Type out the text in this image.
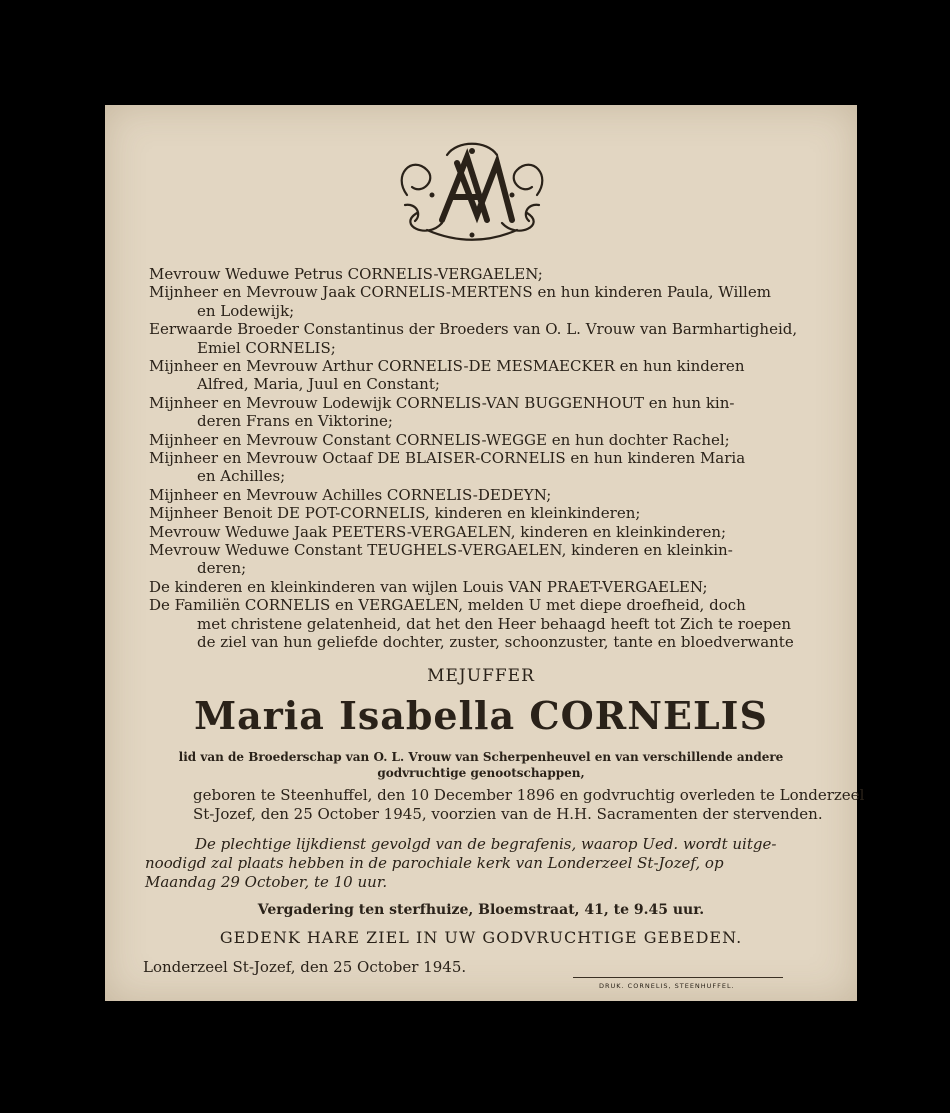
Mevrouw Weduwe Petrus CORNELIS-VERGAELEN;

Mijnheer en Mevrouw Jaak CORNELIS-MERTENS en hun kinderen Paula, Willem

en Lodewijk;

Eerwaarde Broeder Constantinus der Broeders van O. L. Vrouw van Barmhartigheid,

Emiel CORNELIS;

Mijnheer en Mevrouw Arthur CORNELIS-DE MESMAECKER en hun kinderen

Alfred, Maria, Juul en Constant;

Mijnheer en Mevrouw Lodewijk CORNELIS-VAN BUGGENHOUT en hun kin-

deren Frans en Viktorine;

Mijnheer en Mevrouw Constant CORNELIS-WEGGE en hun dochter Rachel;

Mijnheer en Mevrouw Octaaf DE BLAISER-CORNELIS en hun kinderen Maria

en Achilles;

Mijnheer en Mevrouw Achilles CORNELIS-DEDEYN;

Mijnheer Benoit DE POT-CORNELIS, kinderen en kleinkinderen;

Mevrouw Weduwe Jaak PEETERS-VERGAELEN, kinderen en kleinkinderen;

Mevrouw Weduwe Constant TEUGHELS-VERGAELEN, kinderen en kleinkin-

deren;

De kinderen en kleinkinderen van wijlen Louis VAN PRAET-VERGAELEN;

De Familiën CORNELIS en VERGAELEN, melden U met diepe droefheid, doch

met christene gelatenheid, dat het den Heer behaagd heeft tot Zich te roepen

de ziel van hun geliefde dochter, zuster, schoonzuster, tante en bloedverwante

MEJUFFER

Maria Isabella CORNELIS

lid van de Broederschap van O. L. Vrouw van Scherpenheuvel en van verschillende andere

godvruchtige genootschappen,

geboren te Steenhuffel, den 10 December 1896 en godvruchtig overleden te Londerzeel

St-Jozef, den 25 October 1945, voorzien van de H.H. Sacramenten der stervenden.

De plechtige lijkdienst gevolgd van de begrafenis, waarop Ued. wordt uitge-

noodigd zal plaats hebben in de parochiale kerk van Londerzeel St-Jozef, op

Maandag 29 October, te 10 uur.

Vergadering ten sterfhuize, Bloemstraat, 41, te 9.45 uur.

GEDENK HARE ZIEL IN UW GODVRUCHTIGE GEBEDEN.

Londerzeel St-Jozef, den 25 October 1945.

DRUK. CORNELIS, STEENHUFFEL.
